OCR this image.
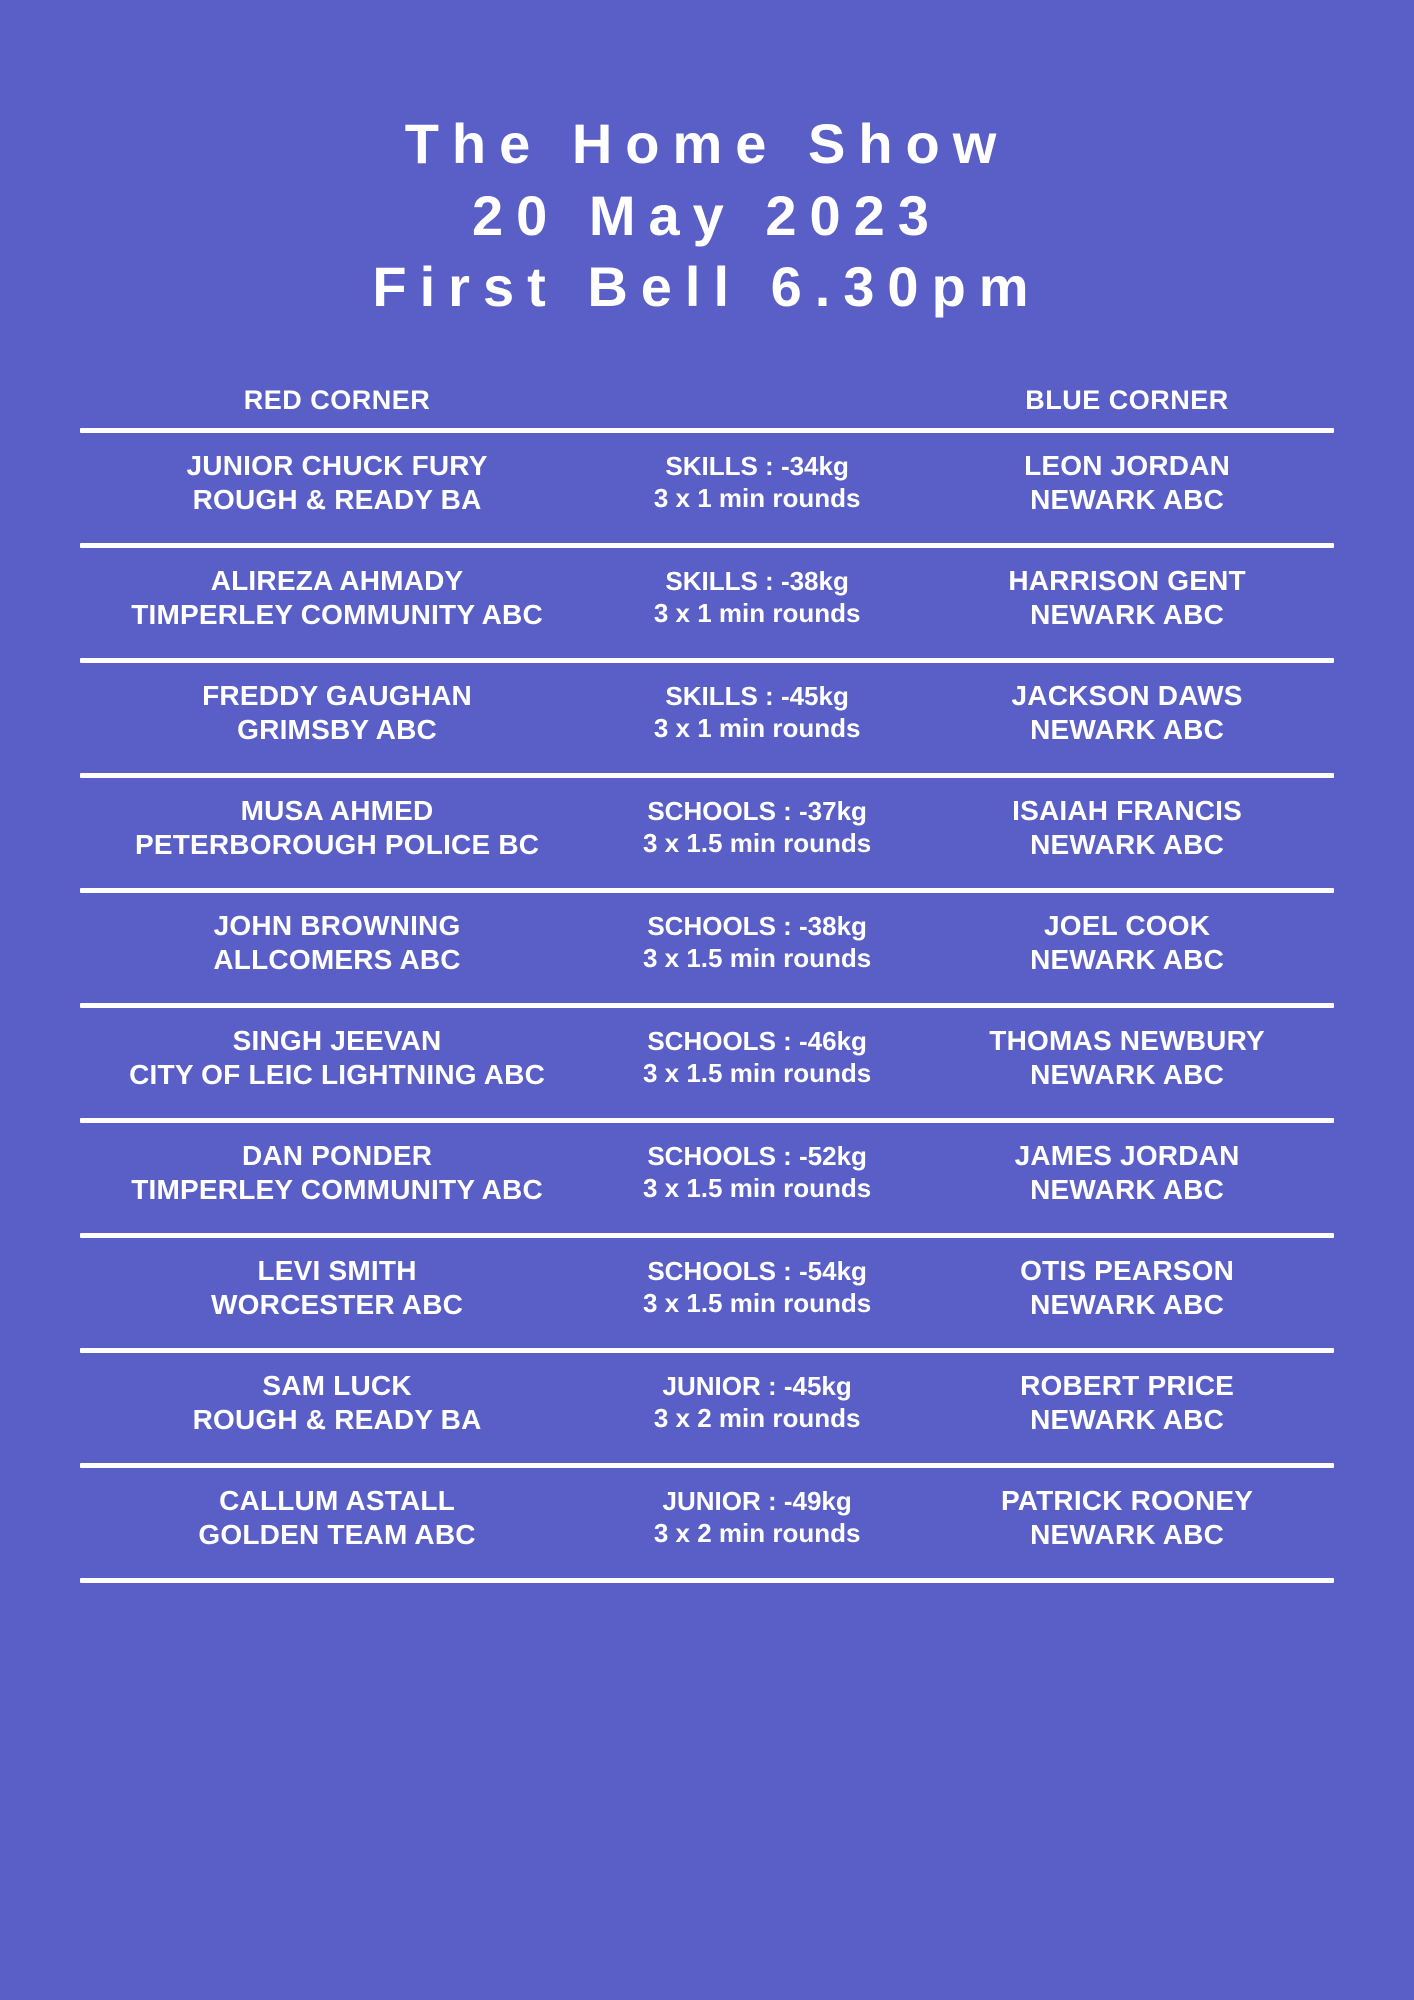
The Home Show
20 May 2023
First Bell 6.30pm
RED CORNER	BLUE CORNER
JUNIOR CHUCK FURY
ROUGH & READY BA
SKILLS : -34kg
3 x 1 min rounds
LEON JORDAN
NEWARK ABC
ALIREZA AHMADY
TIMPERLEY COMMUNITY ABC
SKILLS : -38kg
3 x 1 min rounds
HARRISON GENT
NEWARK ABC
FREDDY GAUGHAN
GRIMSBY ABC
SKILLS : -45kg
3 x 1 min rounds
JACKSON DAWS
NEWARK ABC
MUSA AHMED
PETERBOROUGH POLICE BC
SCHOOLS : -37kg
3 x 1.5 min rounds
ISAIAH FRANCIS
NEWARK ABC
JOHN BROWNING
ALLCOMERS ABC
SCHOOLS : -38kg
3 x 1.5 min rounds
JOEL COOK
NEWARK ABC
SINGH JEEVAN
CITY OF LEIC LIGHTNING ABC
SCHOOLS : -46kg
3 x 1.5 min rounds
THOMAS NEWBURY
NEWARK ABC
DAN PONDER
TIMPERLEY COMMUNITY ABC
SCHOOLS : -52kg
3 x 1.5 min rounds
JAMES JORDAN
NEWARK ABC
LEVI SMITH
WORCESTER ABC
SCHOOLS : -54kg
3 x 1.5 min rounds
OTIS PEARSON
NEWARK ABC
SAM LUCK
ROUGH & READY BA
JUNIOR : -45kg
3 x 2 min rounds
ROBERT PRICE
NEWARK ABC
CALLUM ASTALL
GOLDEN TEAM ABC
JUNIOR : -49kg
3 x 2 min rounds
PATRICK ROONEY
NEWARK ABC
